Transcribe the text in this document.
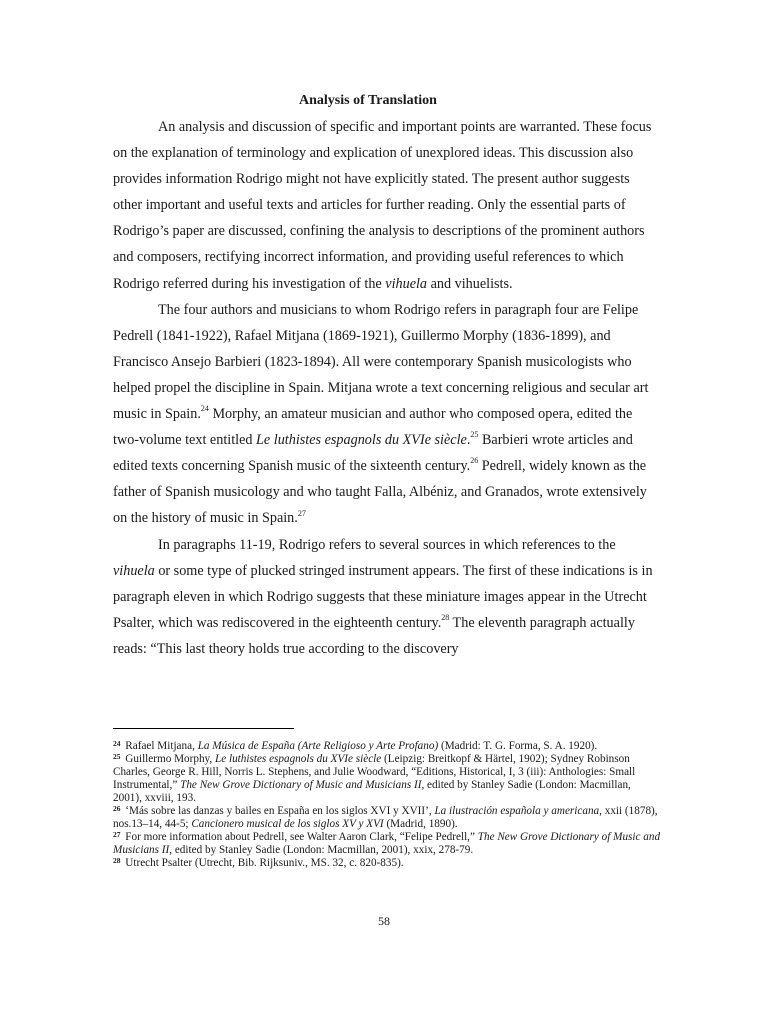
Analysis of Translation

An analysis and discussion of specific and important points are warranted. These focus on the explanation of terminology and explication of unexplored ideas. This discussion also provides information Rodrigo might not have explicitly stated. The present author suggests other important and useful texts and articles for further reading. Only the essential parts of Rodrigo’s paper are discussed, confining the analysis to descriptions of the prominent authors and composers, rectifying incorrect information, and providing useful references to which Rodrigo referred during his investigation of the vihuela and vihuelists.

The four authors and musicians to whom Rodrigo refers in paragraph four are Felipe Pedrell (1841-1922), Rafael Mitjana (1869-1921), Guillermo Morphy (1836-1899), and Francisco Ansejo Barbieri (1823-1894). All were contemporary Spanish musicologists who helped propel the discipline in Spain. Mitjana wrote a text concerning religious and secular art music in Spain.$^{24}$ Morphy, an amateur musician and author who composed opera, edited the two-volume text entitled Le luthistes espagnols du XVIe siècle.$^{25}$ Barbieri wrote articles and edited texts concerning Spanish music of the sixteenth century.$^{26}$ Pedrell, widely known as the father of Spanish musicology and who taught Falla, Albéniz, and Granados, wrote extensively on the history of music in Spain.$^{27}$

In paragraphs 11-19, Rodrigo refers to several sources in which references to the vihuela or some type of plucked stringed instrument appears. The first of these indications is in paragraph eleven in which Rodrigo suggests that these miniature images appear in the Utrecht Psalter, which was rediscovered in the eighteenth century.$^{28}$ The eleventh paragraph actually reads: “This last theory holds true according to the discovery

$^{24}$ Rafael Mitjana, La Música de España (Arte Religioso y Arte Profano) (Madrid: T. G. Forma, S. A. 1920).
$^{25}$ Guillermo Morphy, Le luthistes espagnols du XVIe siècle (Leipzig: Breitkopf & Härtel, 1902); Sydney Robinson Charles, George R. Hill, Norris L. Stephens, and Julie Woodward, “Editions, Historical, I, 3 (iii): Anthologies: Small Instrumental,” The New Grove Dictionary of Music and Musicians II, edited by Stanley Sadie (London: Macmillan, 2001), xxviii, 193.
$^{26}$ ‘Más sobre las danzas y bailes en España en los siglos XVI y XVII’, La ilustración española y americana, xxii (1878), nos.13–14, 44-5; Cancionero musical de los siglos XV y XVI (Madrid, 1890).
$^{27}$ For more information about Pedrell, see Walter Aaron Clark, “Felipe Pedrell,” The New Grove Dictionary of Music and Musicians II, edited by Stanley Sadie (London: Macmillan, 2001), xxix, 278-79.
$^{28}$ Utrecht Psalter (Utrecht, Bib. Rijksuniv., MS. 32, c. 820-835).
58
